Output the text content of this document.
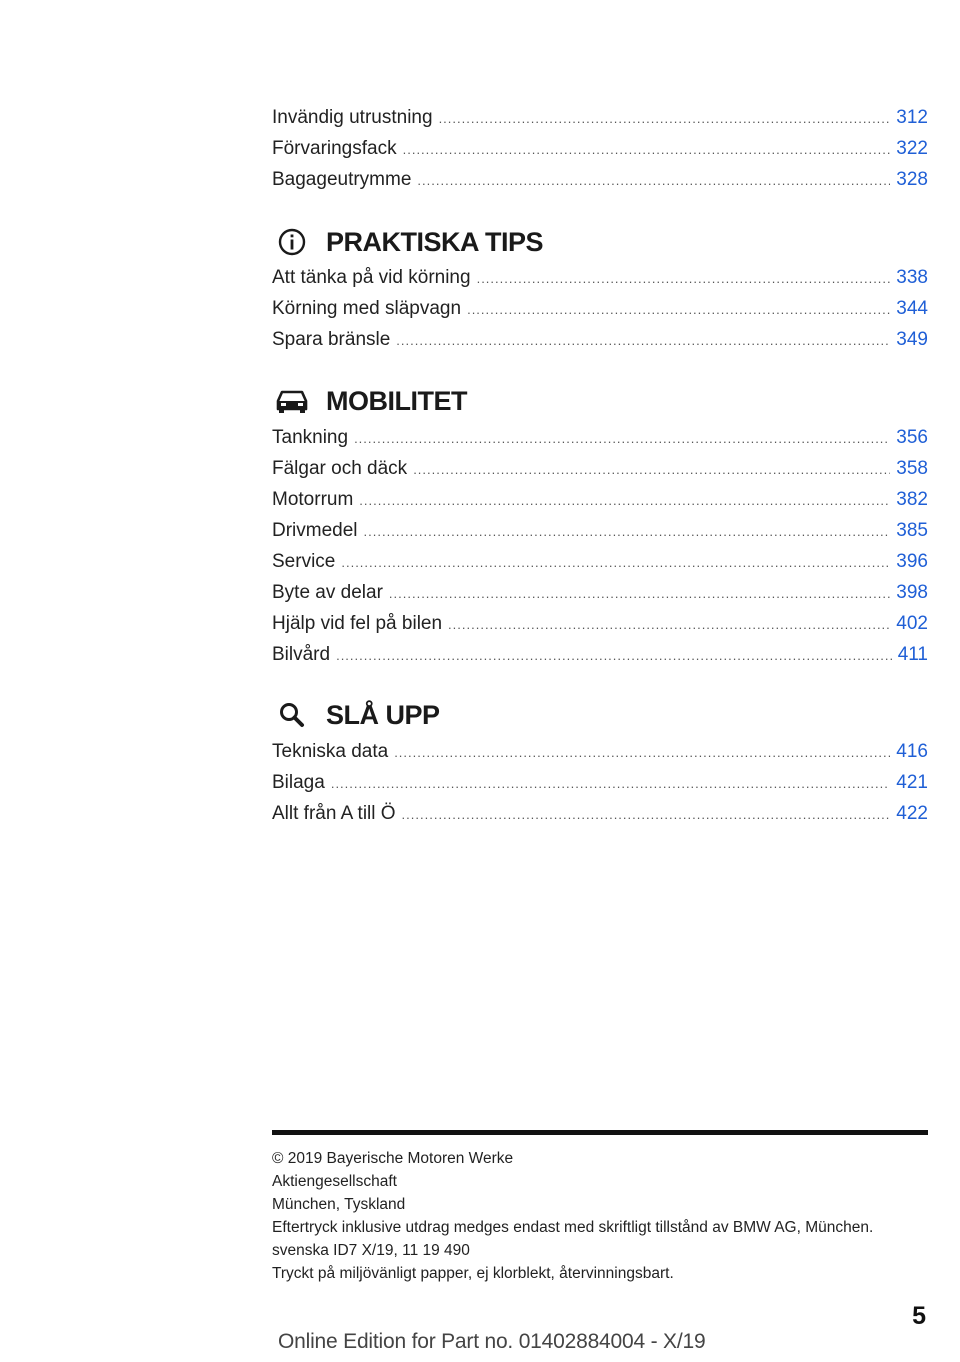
Invändig utrustning .....	312
Förvaringsfack .....	322
Bagageutrymme .....	328
PRAKTISKA TIPS
Att tänka på vid körning .....	338
Körning med släpvagn .....	344
Spara bränsle .....	349
MOBILITET
Tankning .....	356
Fälgar och däck .....	358
Motorrum .....	382
Drivmedel .....	385
Service .....	396
Byte av delar .....	398
Hjälp vid fel på bilen .....	402
Bilvård .....	411
SLÅ UPP
Tekniska data .....	416
Bilaga .....	421
Allt från A till Ö .....	422
© 2019 Bayerische Motoren Werke
Aktiengesellschaft
München, Tyskland
Eftertryck inklusive utdrag medges endast med skriftligt tillstånd av BMW AG, München.
svenska ID7 X/19, 11 19 490
Tryckt på miljövänligt papper, ej klorblekt, återvinningsbart.
5
Online Edition for Part no. 01402884004 - X/19
